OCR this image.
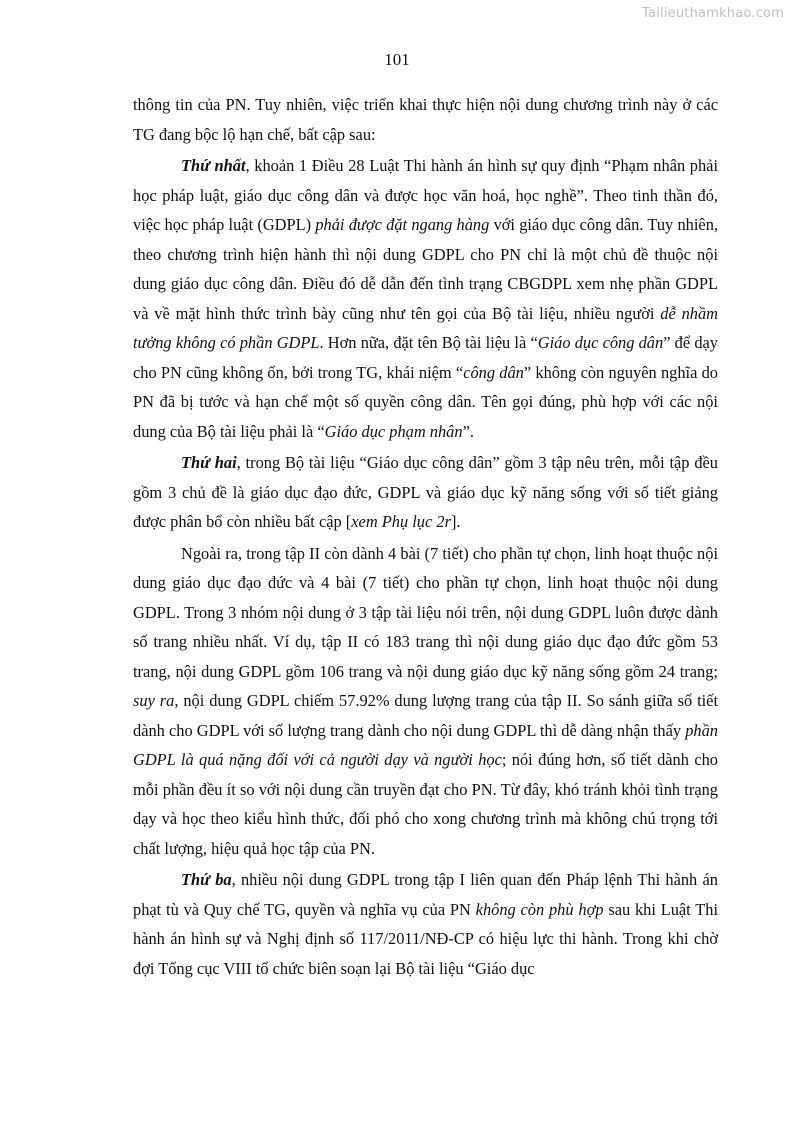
Tailieuthamkhao.com
101

thông tin của PN. Tuy nhiên, việc triển khai thực hiện nội dung chương trình này ở các TG đang bộc lộ hạn chế, bất cập sau:

Thứ nhất, khoản 1 Điều 28 Luật Thi hành án hình sự quy định “Phạm nhân phải học pháp luật, giáo dục công dân và được học văn hoá, học nghề”. Theo tinh thần đó, việc học pháp luật (GDPL) phải được đặt ngang hàng với giáo dục công dân. Tuy nhiên, theo chương trình hiện hành thì nội dung GDPL cho PN chỉ là một chủ đề thuộc nội dung giáo dục công dân. Điều đó dễ dẫn đến tình trạng CBGDPL xem nhẹ phần GDPL và về mặt hình thức trình bày cũng như tên gọi của Bộ tài liệu, nhiều người dễ nhầm tưởng không có phần GDPL. Hơn nữa, đặt tên Bộ tài liệu là “Giáo dục công dân” để dạy cho PN cũng không ổn, bởi trong TG, khái niệm “công dân” không còn nguyên nghĩa do PN đã bị tước và hạn chế một số quyền công dân. Tên gọi đúng, phù hợp với các nội dung của Bộ tài liệu phải là “Giáo dục phạm nhân”.

Thứ hai, trong Bộ tài liệu “Giáo dục công dân” gồm 3 tập nêu trên, mỗi tập đều gồm 3 chủ đề là giáo dục đạo đức, GDPL và giáo dục kỹ năng sống với số tiết giảng được phân bổ còn nhiều bất cập [xem Phụ lục 2r].

Ngoài ra, trong tập II còn dành 4 bài (7 tiết) cho phần tự chọn, linh hoạt thuộc nội dung giáo dục đạo đức và 4 bài (7 tiết) cho phần tự chọn, linh hoạt thuộc nội dung GDPL. Trong 3 nhóm nội dung ở 3 tập tài liệu nói trên, nội dung GDPL luôn được dành số trang nhiều nhất. Ví dụ, tập II có 183 trang thì nội dung giáo dục đạo đức gồm 53 trang, nội dung GDPL gồm 106 trang và nội dung giáo dục kỹ năng sống gồm 24 trang; suy ra, nội dung GDPL chiếm 57.92% dung lượng trang của tập II. So sánh giữa số tiết dành cho GDPL với số lượng trang dành cho nội dung GDPL thì dễ dàng nhận thấy phần GDPL là quá nặng đối với cả người dạy và người học; nói đúng hơn, số tiết dành cho mỗi phần đều ít so với nội dung cần truyền đạt cho PN. Từ đây, khó tránh khỏi tình trạng dạy và học theo kiểu hình thức, đối phó cho xong chương trình mà không chú trọng tới chất lượng, hiệu quả học tập của PN.

Thứ ba, nhiều nội dung GDPL trong tập I liên quan đến Pháp lệnh Thi hành án phạt tù và Quy chế TG, quyền và nghĩa vụ của PN không còn phù hợp sau khi Luật Thi hành án hình sự và Nghị định số 117/2011/NĐ-CP có hiệu lực thi hành. Trong khi chờ đợi Tổng cục VIII tổ chức biên soạn lại Bộ tài liệu “Giáo dục
